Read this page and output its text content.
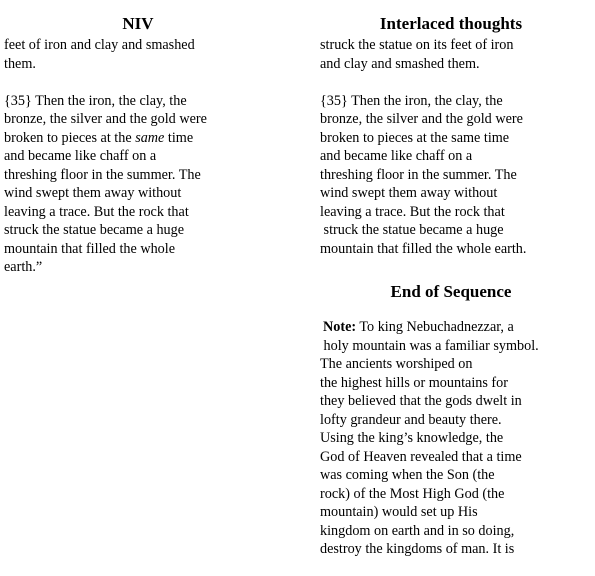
NIV
feet of iron and clay and smashed
them.
{35} Then the iron, the clay, the
bronze, the silver and the gold were
broken to pieces at the same time
and became like chaff on a
threshing floor in the summer. The
wind swept them away without
leaving a trace. But the rock that
struck the statue became a huge
mountain that filled the whole
earth.”
Interlaced thoughts
struck the statue on its feet of iron
and clay and smashed them.
{35} Then the iron, the clay, the
bronze, the silver and the gold were
broken to pieces at the same time
and became like chaff on a
threshing floor in the summer. The
wind swept them away without
leaving a trace. But the rock that
struck the statue became a huge
mountain that filled the whole earth.
End of Sequence
Note: To king Nebuchadnezzar, a
holy mountain was a familiar symbol.
The ancients worshiped on
the highest hills or mountains for
they believed that the gods dwelt in
lofty grandeur and beauty there.
Using the king’s knowledge, the
God of Heaven revealed that a time
was coming when the Son (the
rock) of the Most High God (the
mountain) would set up His
kingdom on earth and in so doing,
destroy the kingdoms of man. It is
